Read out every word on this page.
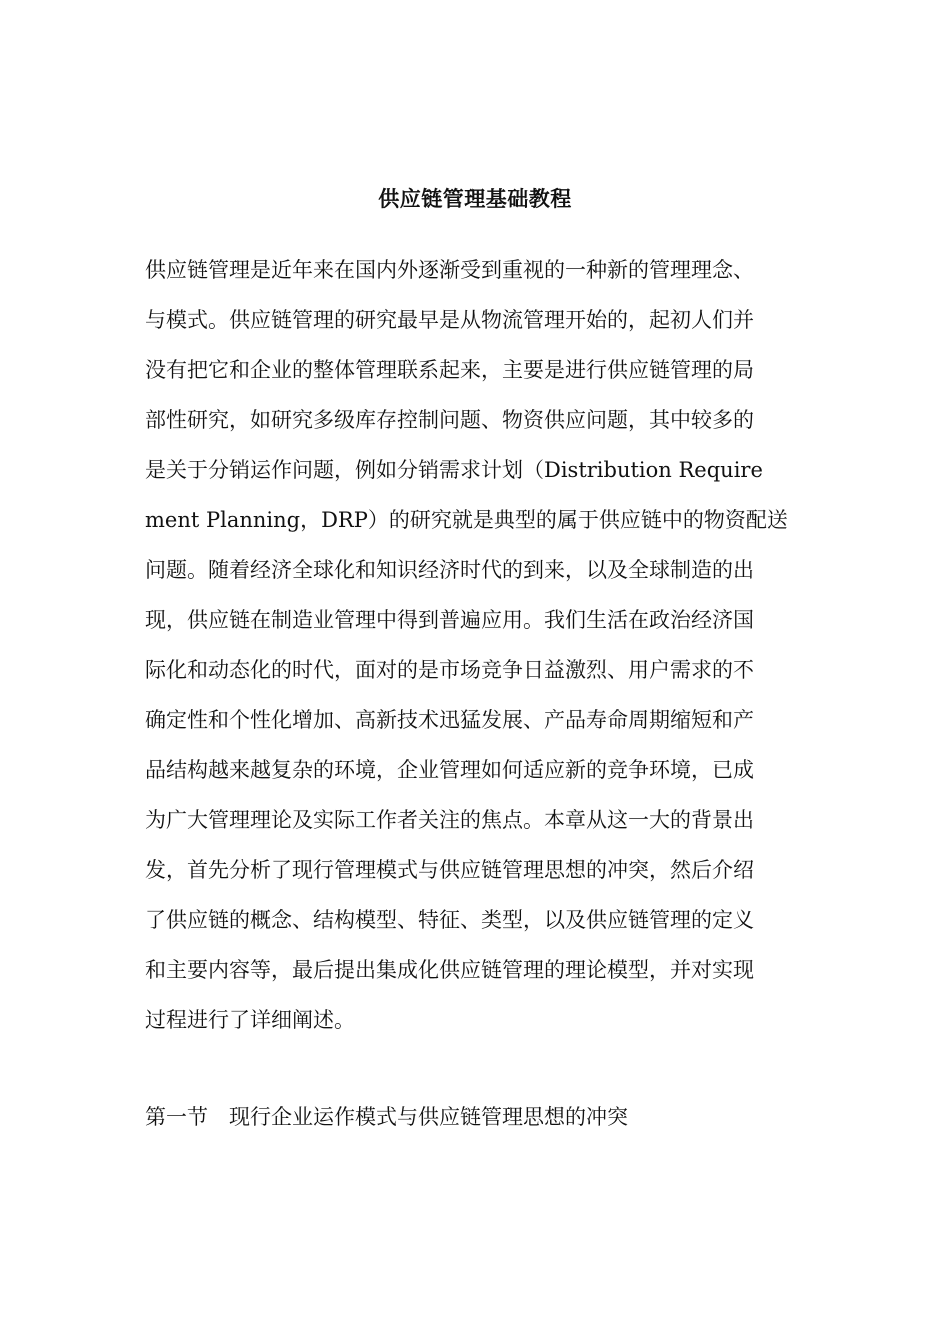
供应链管理基础教程
供应链管理是近年来在国内外逐渐受到重视的一种新的管理理念、
与模式。供应链管理的研究最早是从物流管理开始的，起初人们并
没有把它和企业的整体管理联系起来，主要是进行供应链管理的局
部性研究，如研究多级库存控制问题、物资供应问题，其中较多的
是关于分销运作问题，例如分销需求计划（Distribution Require
ment Planning，DRP）的研究就是典型的属于供应链中的物资配送
问题。随着经济全球化和知识经济时代的到来，以及全球制造的出
现，供应链在制造业管理中得到普遍应用。我们生活在政治经济国
际化和动态化的时代，面对的是市场竞争日益激烈、用户需求的不
确定性和个性化增加、高新技术迅猛发展、产品寿命周期缩短和产
品结构越来越复杂的环境，企业管理如何适应新的竞争环境，已成
为广大管理理论及实际工作者关注的焦点。本章从这一大的背景出
发，首先分析了现行管理模式与供应链管理思想的冲突，然后介绍
了供应链的概念、结构模型、特征、类型，以及供应链管理的定义
和主要内容等，最后提出集成化供应链管理的理论模型，并对实现
过程进行了详细阐述。
第一节　现行企业运作模式与供应链管理思想的冲突
